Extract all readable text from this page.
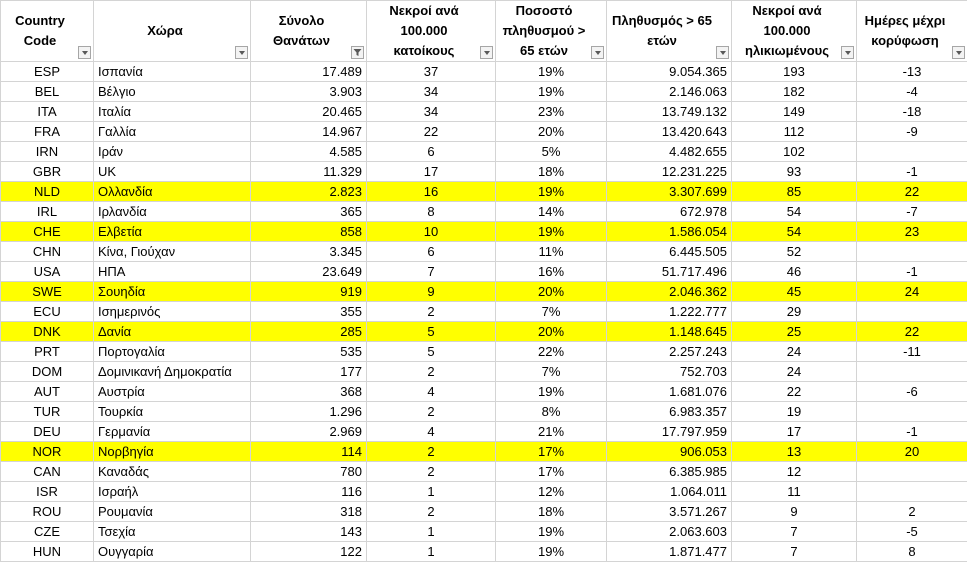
Country Code	Χώρα	Σύνολο Θανάτων	Νεκροί ανά 100.000 κατοίκους	Ποσοστό πληθυσμού > 65 ετών	Πληθυσμός > 65 ετών	Νεκροί ανά 100.000 ηλικιωμένους	Ημέρες μέχρι κορύφωση

ESP	Ισπανία	17.489	37	19%	9.054.365	193	-13
BEL	Βέλγιο	3.903	34	19%	2.146.063	182	-4
ITA	Ιταλία	20.465	34	23%	13.749.132	149	-18
FRA	Γαλλία	14.967	22	20%	13.420.643	112	-9
IRN	Ιράν	4.585	6	5%	4.482.655	102	
GBR	UK	11.329	17	18%	12.231.225	93	-1
NLD	Ολλανδία	2.823	16	19%	3.307.699	85	22
IRL	Ιρλανδία	365	8	14%	672.978	54	-7
CHE	Ελβετία	858	10	19%	1.586.054	54	23
CHN	Κίνα, Γιούχαν	3.345	6	11%	6.445.505	52	
USA	ΗΠΑ	23.649	7	16%	51.717.496	46	-1
SWE	Σουηδία	919	9	20%	2.046.362	45	24
ECU	Ισημερινός	355	2	7%	1.222.777	29	
DNK	Δανία	285	5	20%	1.148.645	25	22
PRT	Πορτογαλία	535	5	22%	2.257.243	24	-11
DOM	Δομινικανή Δημοκρατία	177	2	7%	752.703	24	
AUT	Αυστρία	368	4	19%	1.681.076	22	-6
TUR	Τουρκία	1.296	2	8%	6.983.357	19	
DEU	Γερμανία	2.969	4	21%	17.797.959	17	-1
NOR	Νορβηγία	114	2	17%	906.053	13	20
CAN	Καναδάς	780	2	17%	6.385.985	12	
ISR	Ισραήλ	116	1	12%	1.064.011	11	
ROU	Ρουμανία	318	2	18%	3.571.267	9	2
CZE	Τσεχία	143	1	19%	2.063.603	7	-5
HUN	Ουγγαρία	122	1	19%	1.871.477	7	8
